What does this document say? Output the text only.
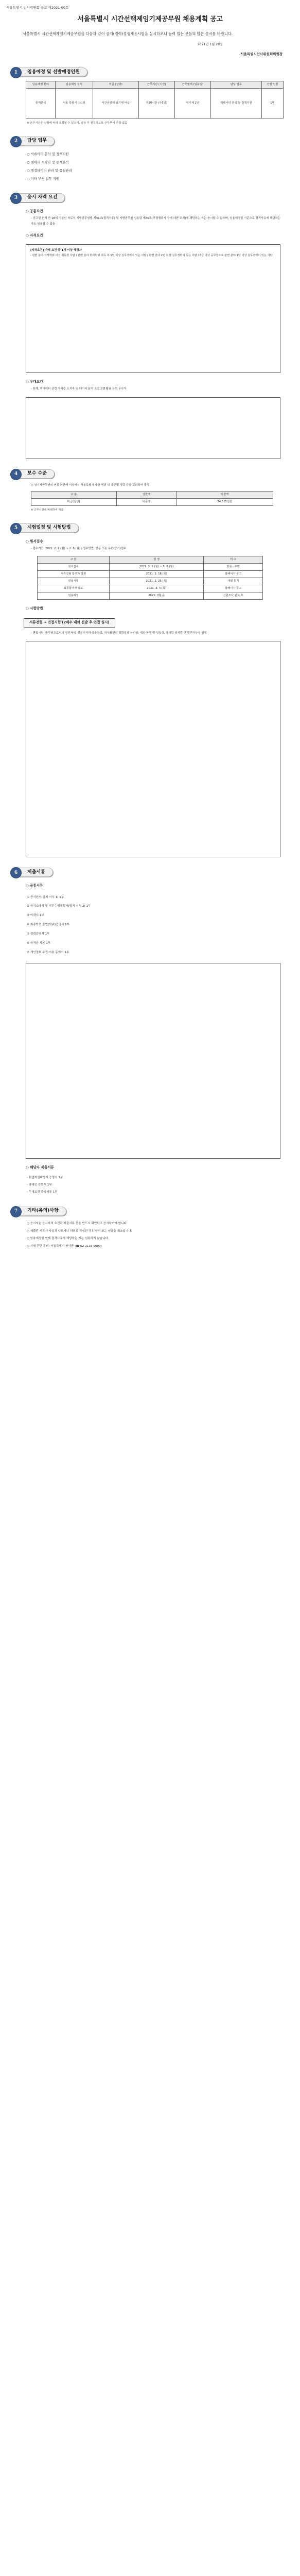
서울특별시 인사위원회 공고 제2021-00호
서울특별시 시간선택제임기제공무원 채용계획 공고
서울특별시 시간선택제임기제공무원을 다음과 같이 공개(경력)경쟁채용시험을 실시하오니 능력 있는 분들의 많은 응시를 바랍니다.
2021년 1월 28일
서울특별시인사위원회위원장
1	임용예정 및 선발예정인원
임용예정 분야	임용예정 부서	직급 (상당)	근무기간 (시간)	근무형태 (임용일)	담당 업무	선발 인원
통계분석	서울 특별시 ○○과	시간선택제 임기제 마급	주20시간 (주5일)	임기제 2년	빅데이터 분석 등 정책지원	1명
※ 근무시간은 상황에 따라 조정될 수 있으며, 임용 후 원칙적으로 근무부서 변경 없음
2	담당 업무
○ 빅데이터 분석 및 정책지원
○ 데이터 시각화 및 통계분석
○ 행정데이터 관리 및 품질관리
○ 기타 부서 업무 지원
3	응시 자격 요건
○ 공통요건
- 공고일 현재 만 18세 이상인 자로서 지방공무원법 제31조(결격사유) 및 지방공무원 임용령 제65조(부정행위자 등에 대한 조치)에 해당하는 자는 응시할 수 없으며, 임용예정일 기준으로 결격사유에 해당하는 자도 임용될 수 없음
○ 자격요건
[자격요건] 아래 요건 중 1개 이상 해당자
- 관련 분야 석사학위 이상 취득한 사람 / 관련 분야 학사학위 취득 후 1년 이상 실무경력이 있는 사람 / 관련 분야 2년 이상 실무경력이 있는 사람 / 6급 이상 공무원으로 관련 분야 1년 이상 실무경력이 있는 사람
○ 우대요건
- 통계, 빅데이터 관련 자격증 소지자 및 데이터 분석 프로그램 활용 능력 우수자
4	보수 수준
○ 임기제공무원의 연봉 하한액 이상에서 서울특별시 예산 범위 내 개인별 경력 등을 고려하여 결정
구 분	상한액	하한액
마급(상당)	비공개	54,515천원
※ 근무시간에 비례하여 지급
5	시험일정 및 시험방법
○ 원서접수
- 접수기간: 2021. 2. 1.(월) ~ 2. 8.(월) / 접수방법: 방문 또는 우편(등기)접수
구 분	일 정	비 고
원서접수	2021. 2. 1.(월) ~ 2. 8.(월)	방문 · 우편
서류전형 합격자 발표	2021. 2. 18.(목)	홈페이지 공고
면접시험	2021. 2. 25.(목)	개별 통지
최종합격자 발표	2021. 3. 4.(목)	홈페이지 공고
임용예정	2021. 3월 중	신원조사 완료 후
○ 시험방법
서류전형 → 면접시험 (2배수 내외 선발 후 면접 실시)
- 면접시험: 공무원으로서의 정신자세, 전문지식과 응용능력, 의사표현의 정확성과 논리성, 예의·품행 및 성실성, 창의력·의지력 및 발전가능성 평정
6	제출서류
○ 공통서류
① 응시원서(별지 서식 1) 1부
② 자기소개서 및 직무수행계획서(별지 서식 2) 1부
③ 이력서 1부
④ 최종학력 졸업(학위)증명서 1부
⑤ 경력증명서 1부
⑥ 자격증 사본 1부
⑦ 개인정보 수집·이용 동의서 1부
○ 해당자 제출서류
- 취업지원대상자 증명서 1부
- 장애인 증명서 1부
- 우대요건 증빙서류 1부
7	기타(유의)사항
○ 응시자는 응시자격 요건과 제출서류 등을 반드시 확인하고 응시하여야 합니다.
○ 제출된 서류가 사실과 다르거나 허위로 작성된 경우 합격 또는 임용을 취소합니다.
○ 임용예정일 현재 결격사유에 해당하는 자는 임용하지 않습니다.
○ 시험 관련 문의: 서울특별시 인사과 (☎ 02-2133-0000)
